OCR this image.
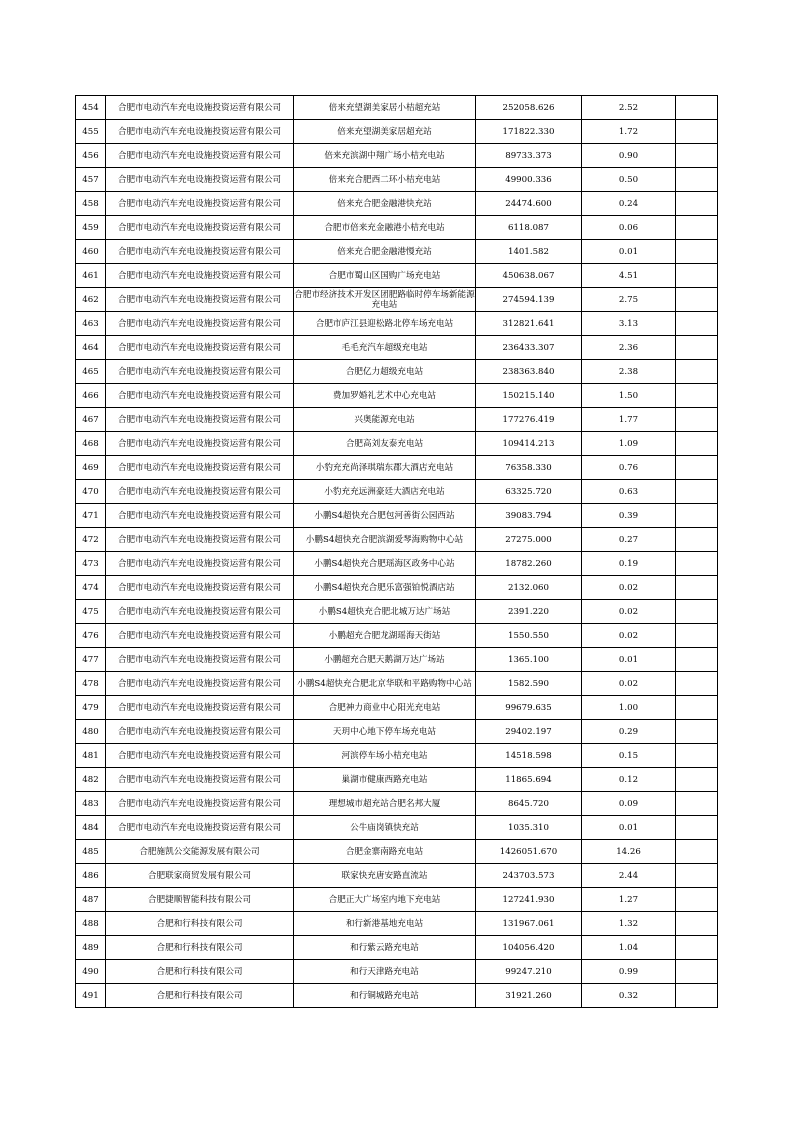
454	合肥市电动汽车充电设施投资运营有限公司	倍来充望湖美家居小桔超充站	252058.626	2.52	
455	合肥市电动汽车充电设施投资运营有限公司	倍来充望湖美家居超充站	171822.330	1.72	
456	合肥市电动汽车充电设施投资运营有限公司	倍来充滨湖中翔广场小桔充电站	89733.373	0.90	
457	合肥市电动汽车充电设施投资运营有限公司	倍来充合肥西二环小桔充电站	49900.336	0.50	
458	合肥市电动汽车充电设施投资运营有限公司	倍来充合肥金融港快充站	24474.600	0.24	
459	合肥市电动汽车充电设施投资运营有限公司	合肥市倍来充金融港小桔充电站	6118.087	0.06	
460	合肥市电动汽车充电设施投资运营有限公司	倍来充合肥金融港慢充站	1401.582	0.01	
461	合肥市电动汽车充电设施投资运营有限公司	合肥市蜀山区国购广场充电站	450638.067	4.51	
462	合肥市电动汽车充电设施投资运营有限公司	合肥市经济技术开发区团肥路临时停车场新能源充电站	274594.139	2.75	
463	合肥市电动汽车充电设施投资运营有限公司	合肥市庐江县迎松路北停车场充电站	312821.641	3.13	
464	合肥市电动汽车充电设施投资运营有限公司	毛毛充汽车超级充电站	236433.307	2.36	
465	合肥市电动汽车充电设施投资运营有限公司	合肥亿力超级充电站	238363.840	2.38	
466	合肥市电动汽车充电设施投资运营有限公司	费加罗婚礼艺术中心充电站	150215.140	1.50	
467	合肥市电动汽车充电设施投资运营有限公司	兴奥能源充电站	177276.419	1.77	
468	合肥市电动汽车充电设施投资运营有限公司	合肥高刘友泰充电站	109414.213	1.09	
469	合肥市电动汽车充电设施投资运营有限公司	小豹充充尚泽琪瑞东郡大酒店充电站	76358.330	0.76	
470	合肥市电动汽车充电设施投资运营有限公司	小豹充充远洲豪廷大酒店充电站	63325.720	0.63	
471	合肥市电动汽车充电设施投资运营有限公司	小鹏S4超快充合肥包河善街公园西站	39083.794	0.39	
472	合肥市电动汽车充电设施投资运营有限公司	小鹏S4超快充合肥滨湖爱琴海购物中心站	27275.000	0.27	
473	合肥市电动汽车充电设施投资运营有限公司	小鹏S4超快充合肥瑶海区政务中心站	18782.260	0.19	
474	合肥市电动汽车充电设施投资运营有限公司	小鹏S4超快充合肥乐富强铂悦酒店站	2132.060	0.02	
475	合肥市电动汽车充电设施投资运营有限公司	小鹏S4超快充合肥北城万达广场站	2391.220	0.02	
476	合肥市电动汽车充电设施投资运营有限公司	小鹏超充合肥龙湖瑶海天街站	1550.550	0.02	
477	合肥市电动汽车充电设施投资运营有限公司	小鹏超充合肥天鹅湖万达广场站	1365.100	0.01	
478	合肥市电动汽车充电设施投资运营有限公司	小鹏S4超快充合肥北京华联和平路购物中心站	1582.590	0.02	
479	合肥市电动汽车充电设施投资运营有限公司	合肥神力商业中心阳光充电站	99679.635	1.00	
480	合肥市电动汽车充电设施投资运营有限公司	天玥中心地下停车场充电站	29402.197	0.29	
481	合肥市电动汽车充电设施投资运营有限公司	河滨停车场小桔充电站	14518.598	0.15	
482	合肥市电动汽车充电设施投资运营有限公司	巢湖市健康西路充电站	11865.694	0.12	
483	合肥市电动汽车充电设施投资运营有限公司	理想城市超充站合肥名邦大厦	8645.720	0.09	
484	合肥市电动汽车充电设施投资运营有限公司	公牛庙岗镇快充站	1035.310	0.01	
485	合肥施凯公交能源发展有限公司	合肥金寨南路充电站	1426051.670	14.26	
486	合肥联家商贸发展有限公司	联家快充唐安路直流站	243703.573	2.44	
487	合肥捷顺智能科技有限公司	合肥正大广场室内地下充电站	127241.930	1.27	
488	合肥和行科技有限公司	和行新港基地充电站	131967.061	1.32	
489	合肥和行科技有限公司	和行紫云路充电站	104056.420	1.04	
490	合肥和行科技有限公司	和行天津路充电站	99247.210	0.99	
491	合肥和行科技有限公司	和行铜城路充电站	31921.260	0.32	
